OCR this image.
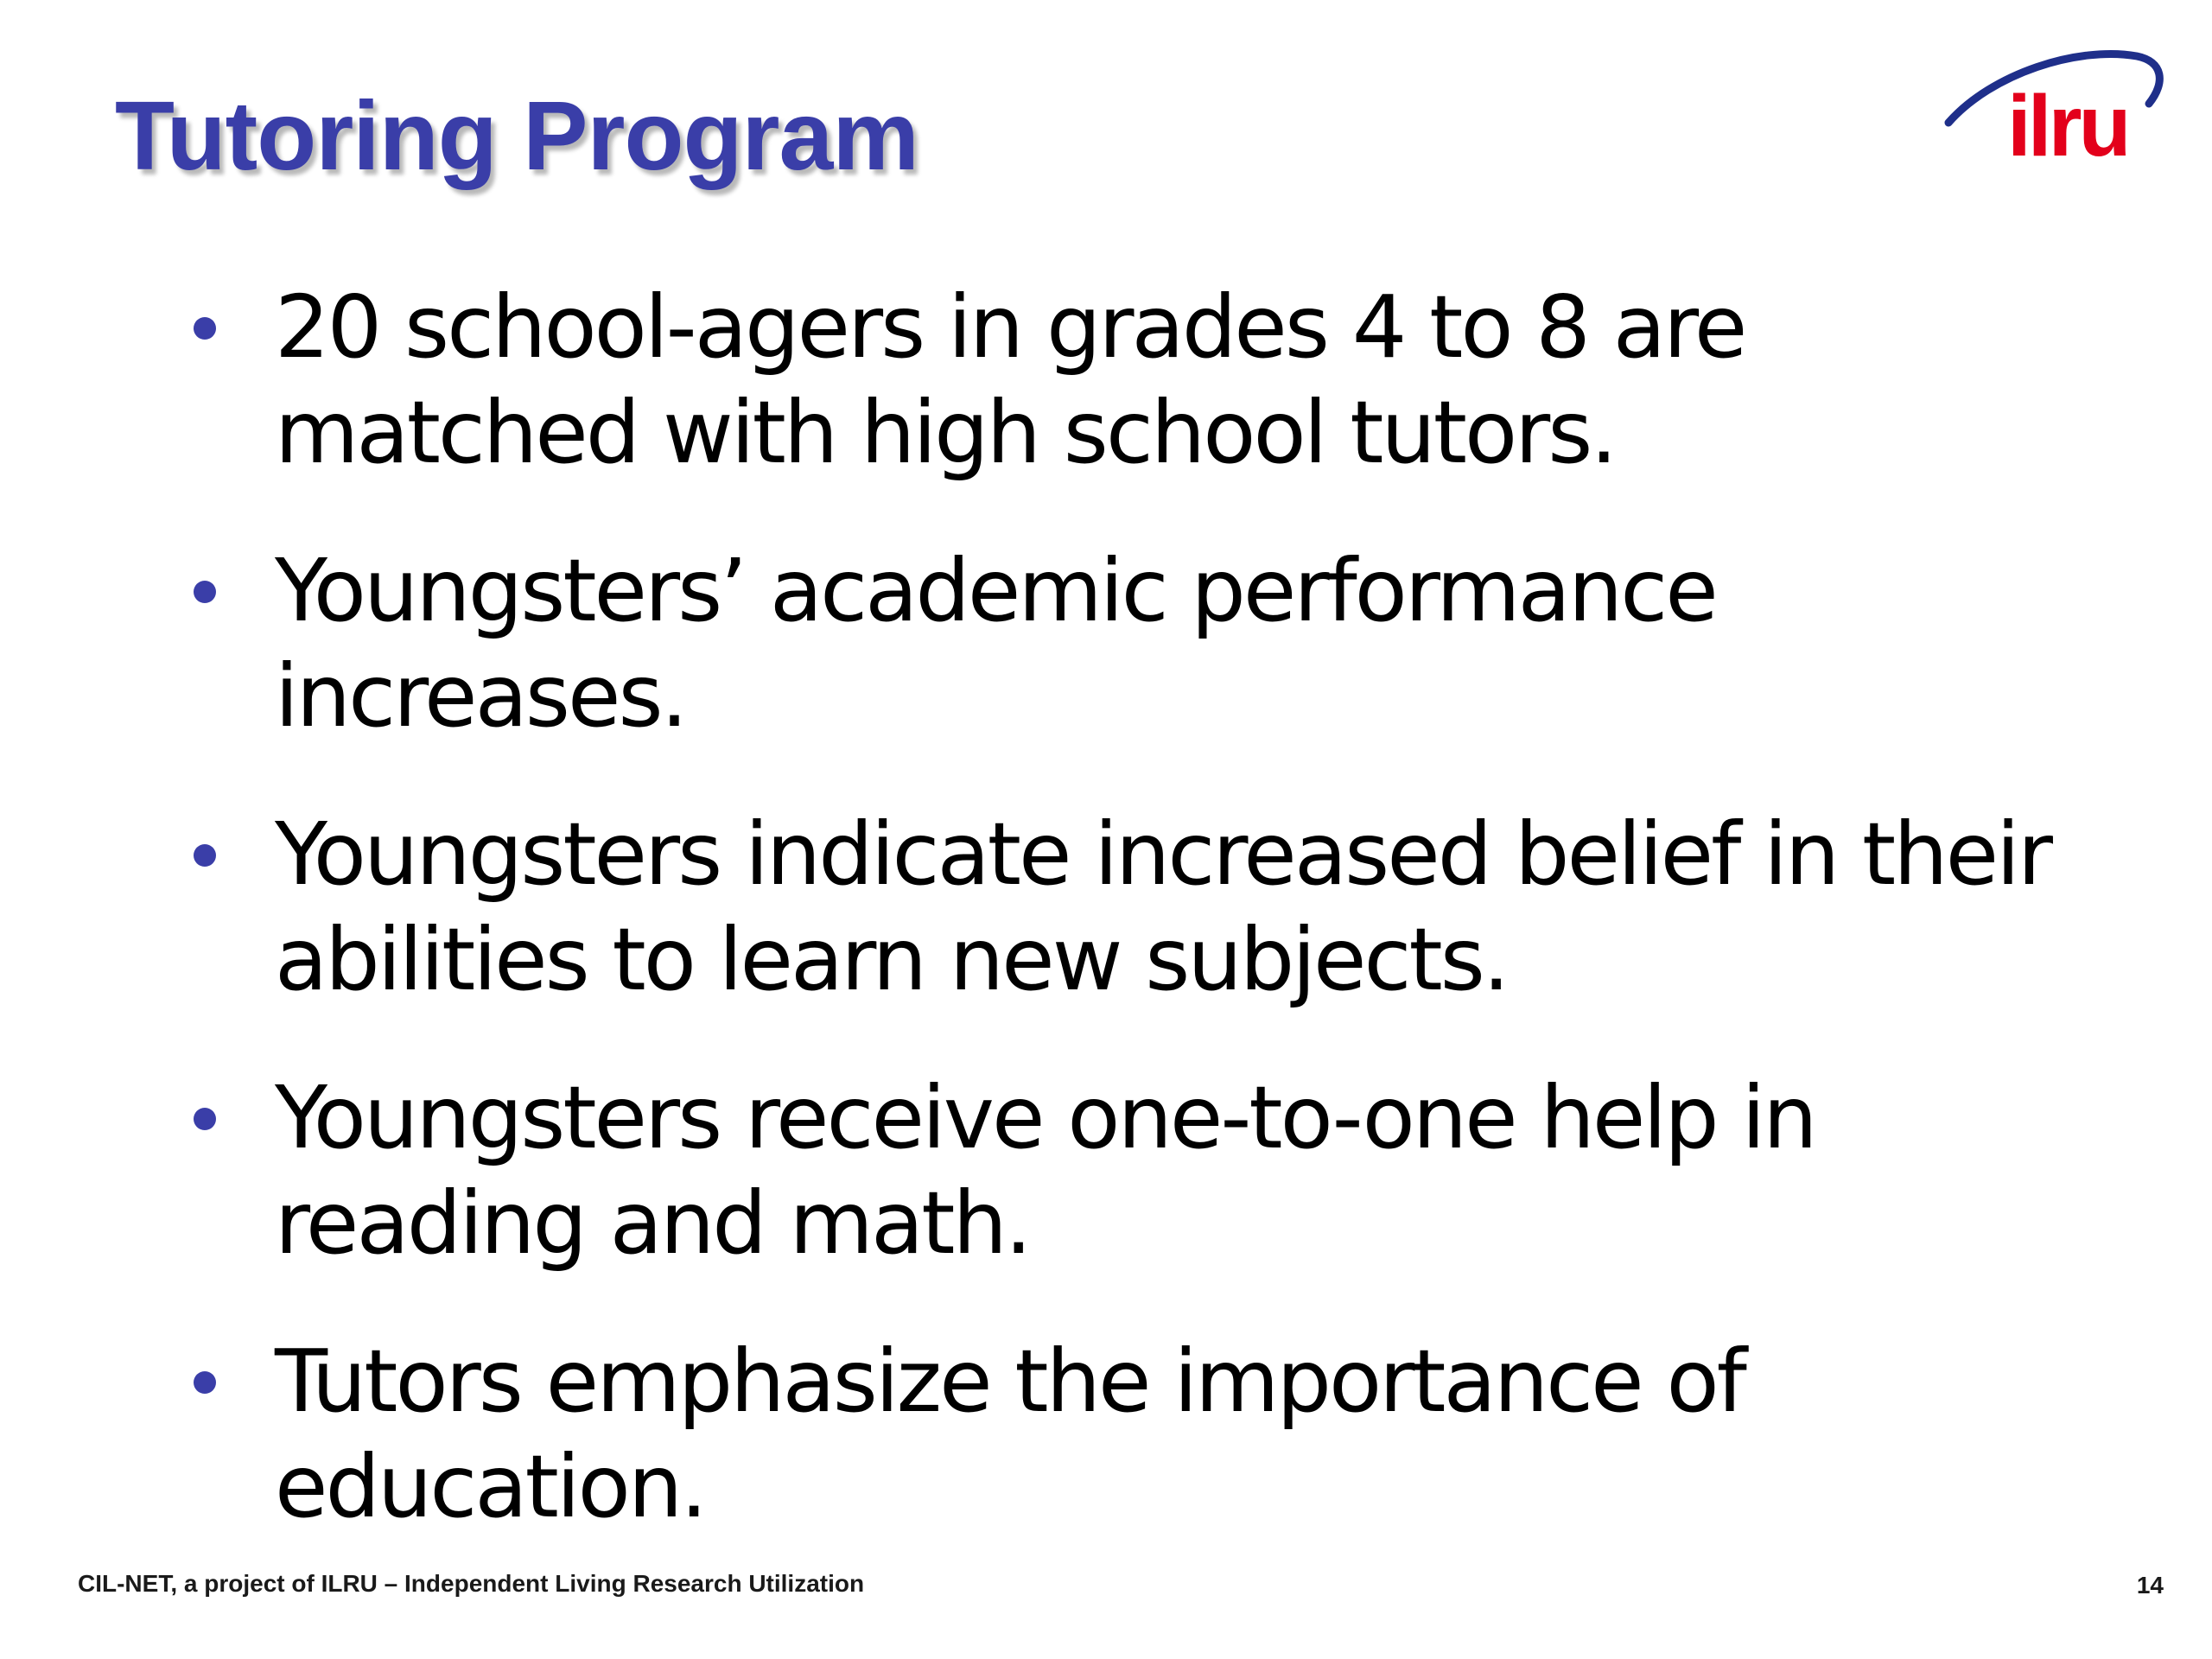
Tutoring Program	ilru
20 school-agers in grades 4 to 8 are matched with high school tutors.
Youngsters’ academic performance increases.
Youngsters indicate increased belief in their abilities to learn new subjects.
Youngsters receive one-to-one help in reading and math.
Tutors emphasize the importance of education.
CIL-NET, a project of ILRU – Independent Living Research Utilization	14
